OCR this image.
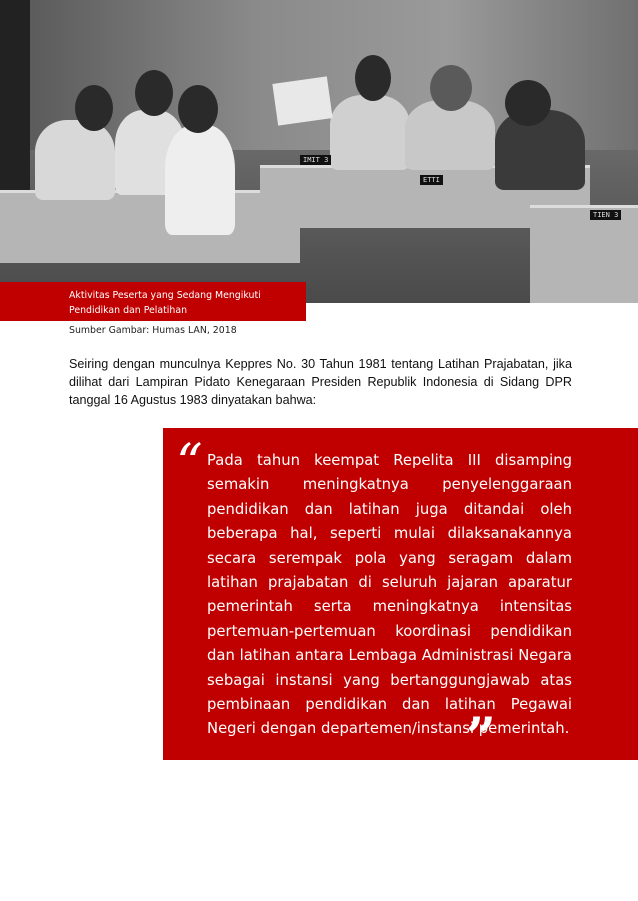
IMIT 3
ETTI
TIEN 3
Aktivitas Peserta yang Sedang Mengikuti
Pendidikan dan Pelatihan
Sumber Gambar: Humas LAN, 2018
Seiring dengan munculnya Keppres No. 30 Tahun 1981 tentang Latihan Prajabatan, jika dilihat dari Lampiran Pidato Kenegaraan Presiden Republik Indonesia di Sidang DPR tanggal 16 Agustus 1983 dinyatakan bahwa:
“ Pada tahun keempat Repelita III disamping semakin meningkatnya penyelenggaraan pendidikan dan latihan juga ditandai oleh beberapa hal, seperti mulai dilaksanakannya secara serempak pola yang seragam dalam latihan prajabatan di seluruh jajaran aparatur pemerintah serta meningkatnya intensitas pertemuan-pertemuan koordinasi pendidikan dan latihan antara Lembaga Administrasi Negara sebagai instansi yang bertanggungjawab atas pembinaan pendidikan dan latihan Pegawai Negeri dengan departemen/instansi pemerintah.
”
